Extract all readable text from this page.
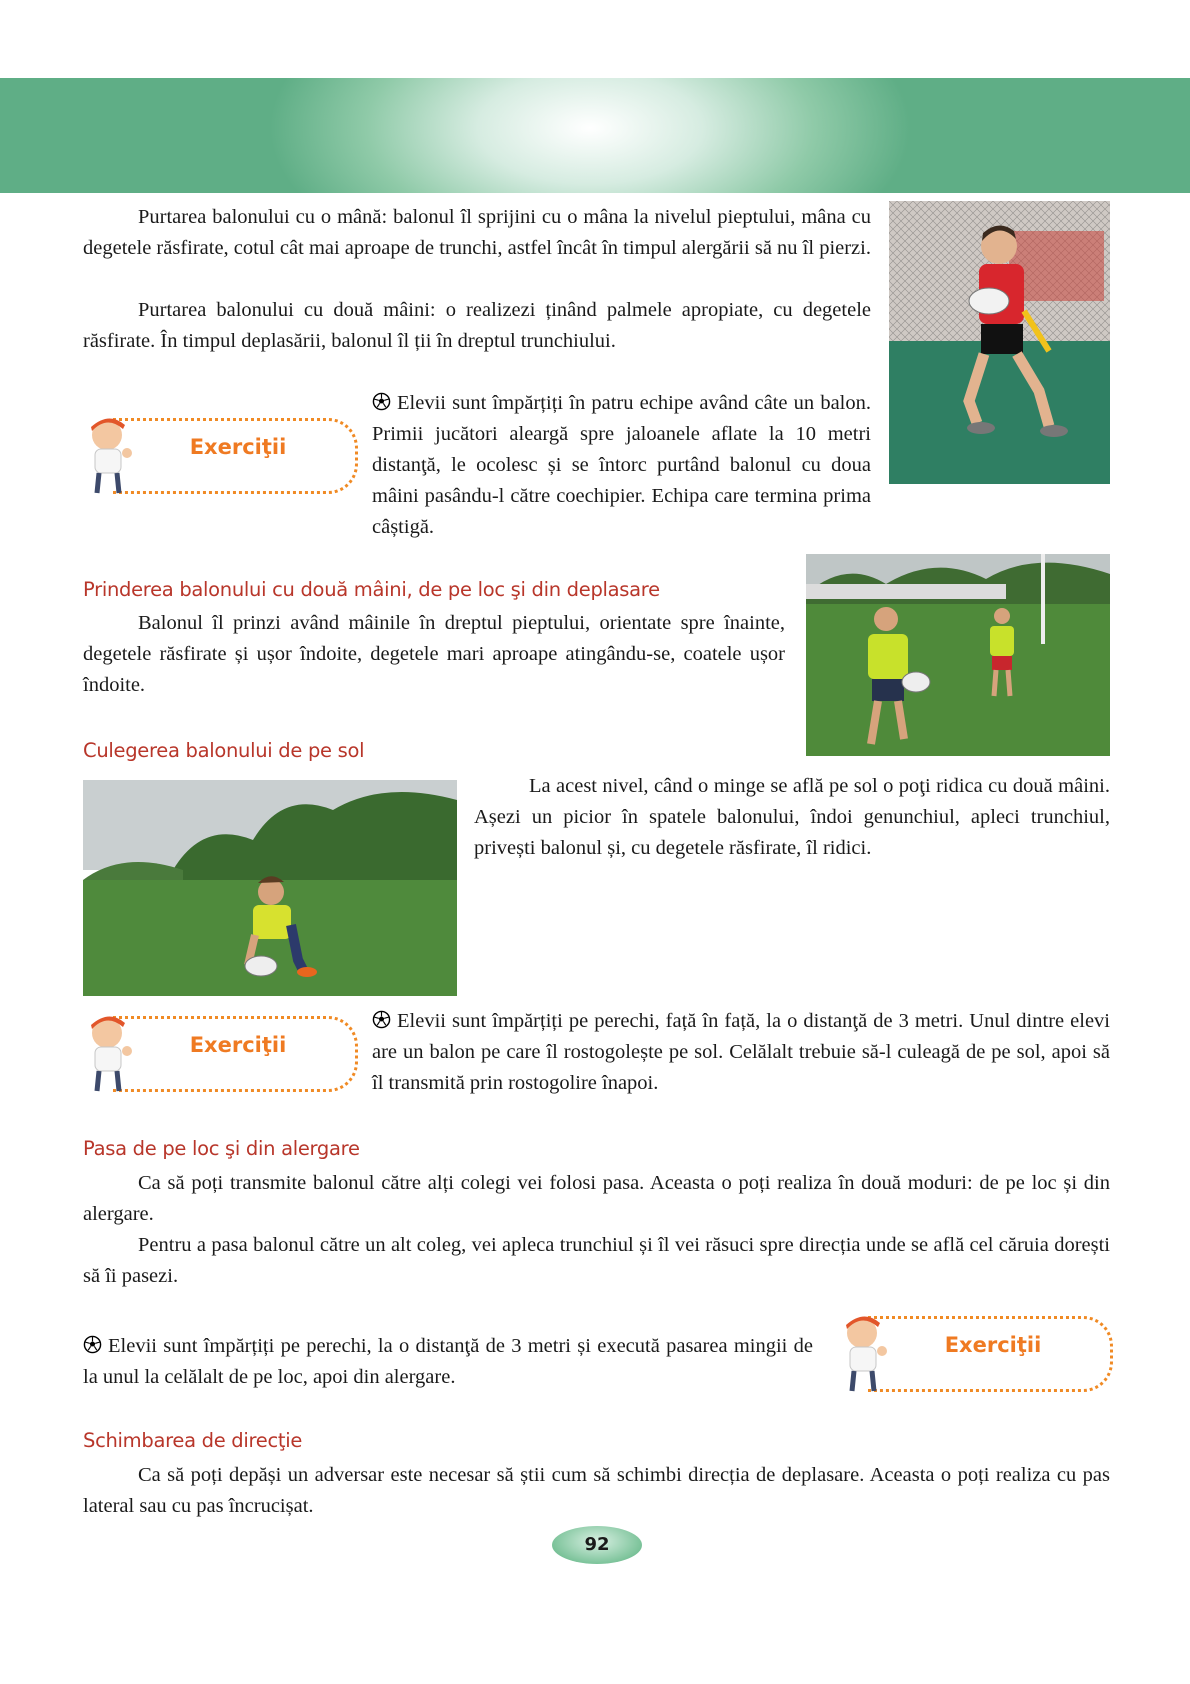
Purtarea balonului cu o mână: balonul îl sprijini cu o mâna la nivelul pieptului, mâna cu degetele răsfirate, cotul cât mai aproape de trunchi, astfel încât în timpul alergării să nu îl pierzi.

Purtarea balonului cu două mâini: o realizezi ținând palmele apropiate, cu degetele răsfirate. În timpul deplasării, balonul îl ții în dreptul trunchiului.

Exerciţii

Elevii sunt împărțiți în patru echipe având câte un balon. Primii jucători aleargă spre jaloanele aflate la 10 metri distanţă, le ocolesc și se întorc purtând balonul cu doua mâini pasându-l către coechipier. Echipa care termina prima câștigă.

Prinderea balonului cu două mâini, de pe loc şi din deplasare

Balonul îl prinzi având mâinile în dreptul pieptului, orientate spre înainte, degetele răsfirate și ușor îndoite, degetele mari aproape atingându-se, coatele ușor îndoite.

Culegerea balonului de pe sol

La acest nivel, când o minge se află pe sol o poţi ridica cu două mâini. Așezi un picior în spatele balonului, îndoi genunchiul, apleci trunchiul, privești balonul și, cu degetele răsfirate, îl ridici.

Exerciţii

Elevii sunt împărțiți pe perechi, față în față, la o distanţă de 3 metri. Unul dintre elevi are un balon pe care îl rostogolește pe sol. Celălalt trebuie să-l culeagă de pe sol, apoi să îl transmită prin rostogolire înapoi.

Pasa de pe loc şi din alergare

Ca să poți transmite balonul către alți colegi vei folosi pasa. Aceasta o poți realiza în două moduri: de pe loc și din alergare.

Pentru a pasa balonul către un alt coleg, vei apleca trunchiul și îl vei răsuci spre direcția unde se află cel căruia dorești să îi pasezi.

Elevii sunt împărțiți pe perechi, la o distanţă de 3 metri și execută pasarea mingii de la unul la celălalt de pe loc, apoi din alergare.

Exerciţii
Schimbarea de direcţie

Ca să poți depăși un adversar este necesar să știi cum să schimbi direcția de deplasare. Aceasta o poți realiza cu pas lateral sau cu pas încrucișat.

92
